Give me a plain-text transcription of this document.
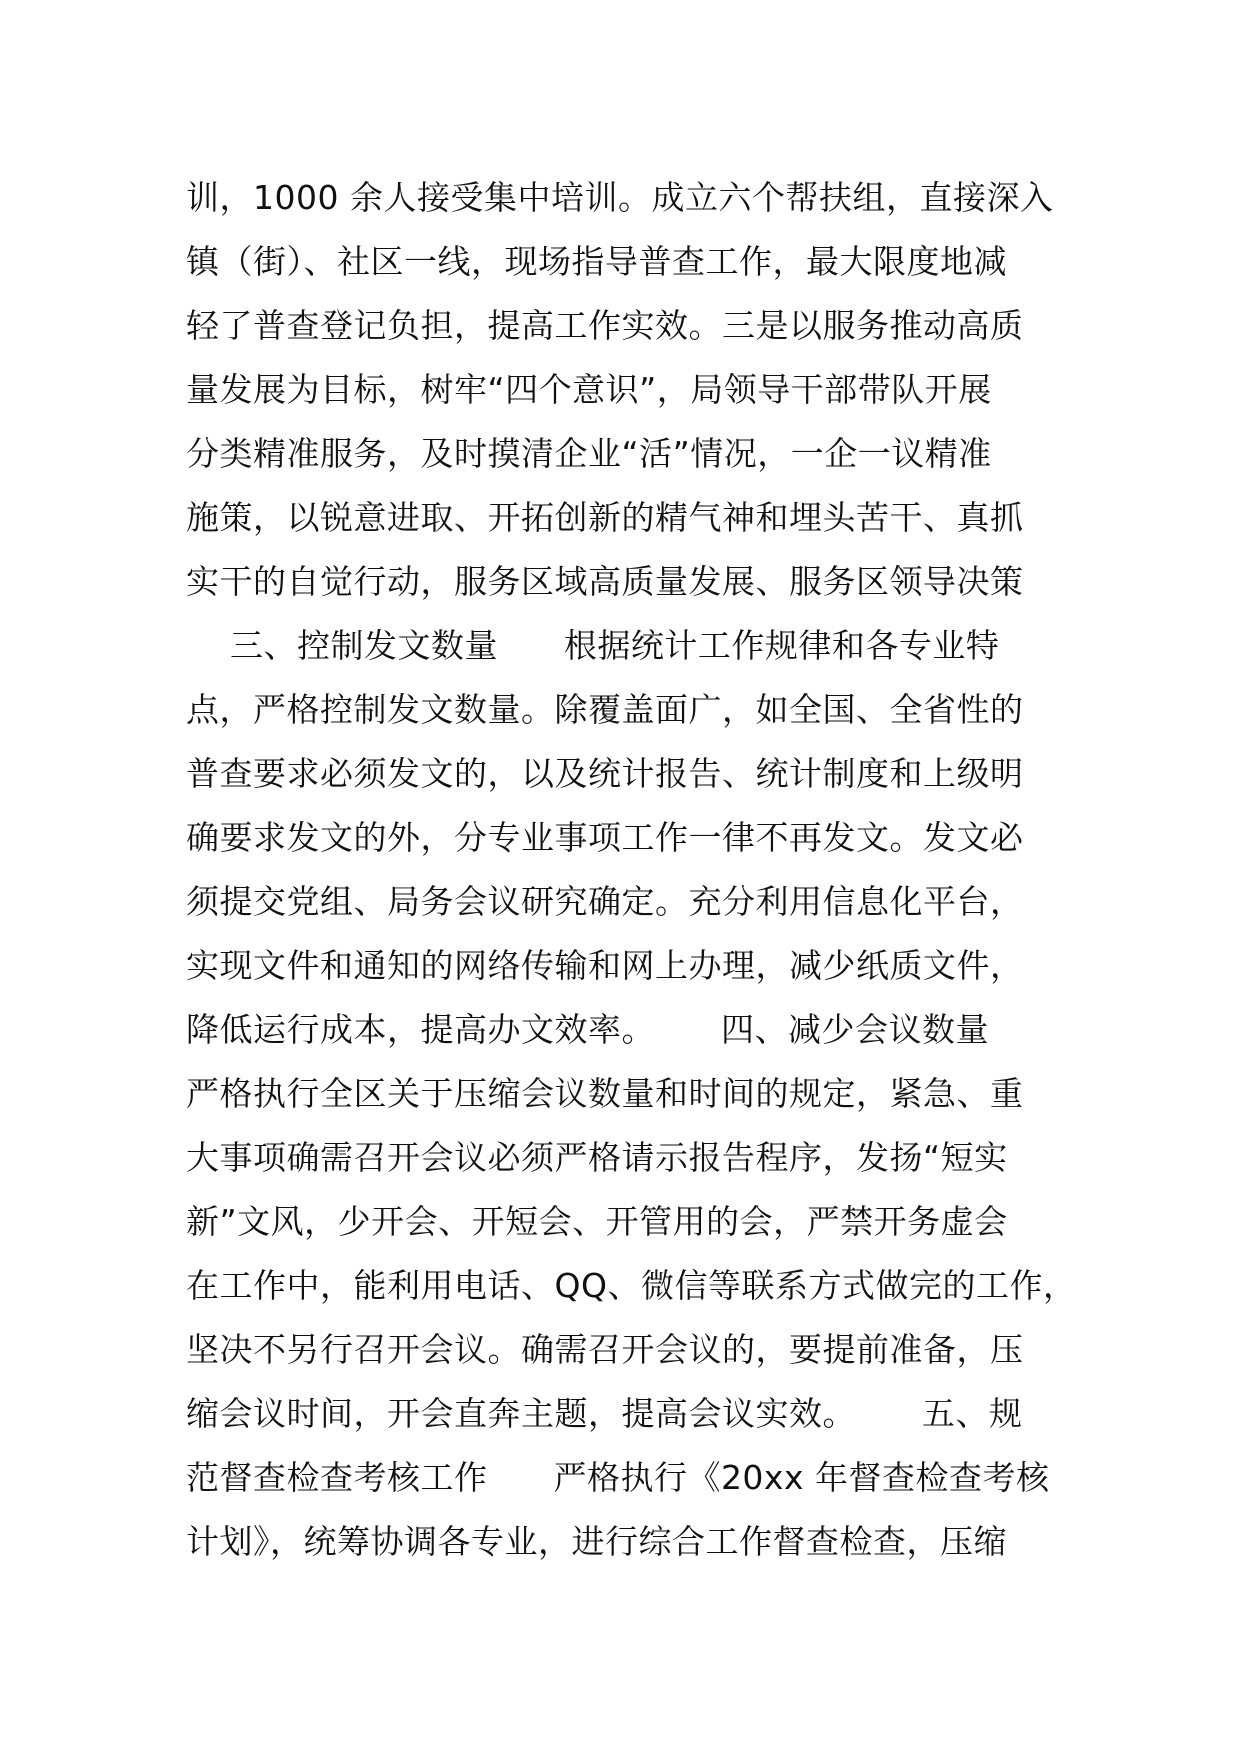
训，1000 余人接受集中培训。成立六个帮扶组，直接深入
镇（街）、社区一线，现场指导普查工作，最大限度地减
轻了普查登记负担，提高工作实效。三是以服务推动高质
量发展为目标，树牢“四个意识”，局领导干部带队开展
分类精准服务，及时摸清企业“活”情况，一企一议精准
施策，以锐意进取、开拓创新的精气神和埋头苦干、真抓
实干的自觉行动，服务区域高质量发展、服务区领导决策
三、控制发文数量      根据统计工作规律和各专业特
点，严格控制发文数量。除覆盖面广，如全国、全省性的
普查要求必须发文的，以及统计报告、统计制度和上级明
确要求发文的外，分专业事项工作一律不再发文。发文必
须提交党组、局务会议研究确定。充分利用信息化平台，
实现文件和通知的网络传输和网上办理，减少纸质文件，
降低运行成本，提高办文效率。      四、减少会议数量
严格执行全区关于压缩会议数量和时间的规定，紧急、重
大事项确需召开会议必须严格请示报告程序，发扬“短实
新”文风，少开会、开短会、开管用的会，严禁开务虚会
在工作中，能利用电话、QQ、微信等联系方式做完的工作，
坚决不另行召开会议。确需召开会议的，要提前准备，压
缩会议时间，开会直奔主题，提高会议实效。      五、规
范督查检查考核工作      严格执行《20xx 年督查检查考核
计划》，统筹协调各专业，进行综合工作督查检查，压缩
